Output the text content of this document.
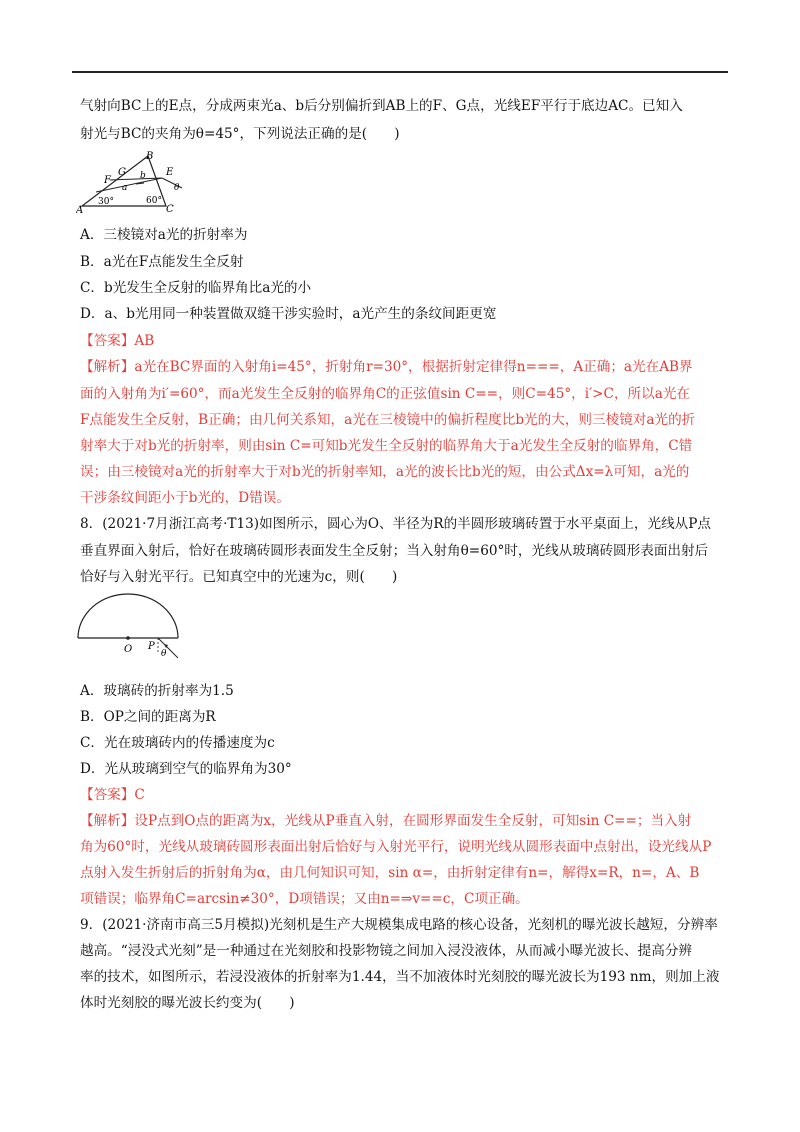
气射向BC上的E点，分成两束光a、b后分别偏折到AB上的F、G点，光线EF平行于底边AC。已知入

射光与BC的夹角为θ=45°，下列说法正确的是(　　)

B
A	C
E
F
G
a
b
θ
30°	60°

A．三棱镜对a光的折射率为

B．a光在F点能发生全反射

C．b光发生全反射的临界角比a光的小

D．a、b光用同一种装置做双缝干涉实验时，a光产生的条纹间距更宽

【答案】AB

【解析】a光在BC界面的入射角i=45°，折射角r=30°，根据折射定律得n===，A正确；a光在AB界

面的入射角为i′=60°，而a光发生全反射的临界角C的正弦值sin C==，则C=45°，i′>C，所以a光在

F点能发生全反射，B正确；由几何关系知，a光在三棱镜中的偏折程度比b光的大，则三棱镜对a光的折

射率大于对b光的折射率，则由sin C=可知b光发生全反射的临界角大于a光发生全反射的临界角，C错

误；由三棱镜对a光的折射率大于对b光的折射率知，a光的波长比b光的短，由公式Δx=λ可知，a光的

干涉条纹间距小于b光的，D错误。

8．(2021·7月浙江高考·T13)如图所示，圆心为O、半径为R的半圆形玻璃砖置于水平桌面上，光线从P点

垂直界面入射后，恰好在玻璃砖圆形表面发生全反射；当入射角θ=60°时，光线从玻璃砖圆形表面出射后

恰好与入射光平行。已知真空中的光速为c，则(　　)

O P
θ

A．玻璃砖的折射率为1.5

B．OP之间的距离为R

C．光在玻璃砖内的传播速度为c

D．光从玻璃到空气的临界角为30°

【答案】C

【解析】设P点到O点的距离为x，光线从P垂直入射，在圆形界面发生全反射，可知sin C==；当入射

角为60°时，光线从玻璃砖圆形表面出射后恰好与入射光平行，说明光线从圆形表面中点射出，设光线从P

点射入发生折射后的折射角为α，由几何知识可知，sin α=，由折射定律有n=，解得x=R，n=，A、B

项错误；临界角C=arcsin≠30°，D项错误；又由n=⇒v==c，C项正确。

9．(2021·济南市高三5月模拟)光刻机是生产大规模集成电路的核心设备，光刻机的曝光波长越短，分辨率

越高。“浸没式光刻”是一种通过在光刻胶和投影物镜之间加入浸没液体，从而减小曝光波长、提高分辨

率的技术，如图所示，若浸没液体的折射率为1.44，当不加液体时光刻胶的曝光波长为193 nm，则加上液

体时光刻胶的曝光波长约变为(　　)
